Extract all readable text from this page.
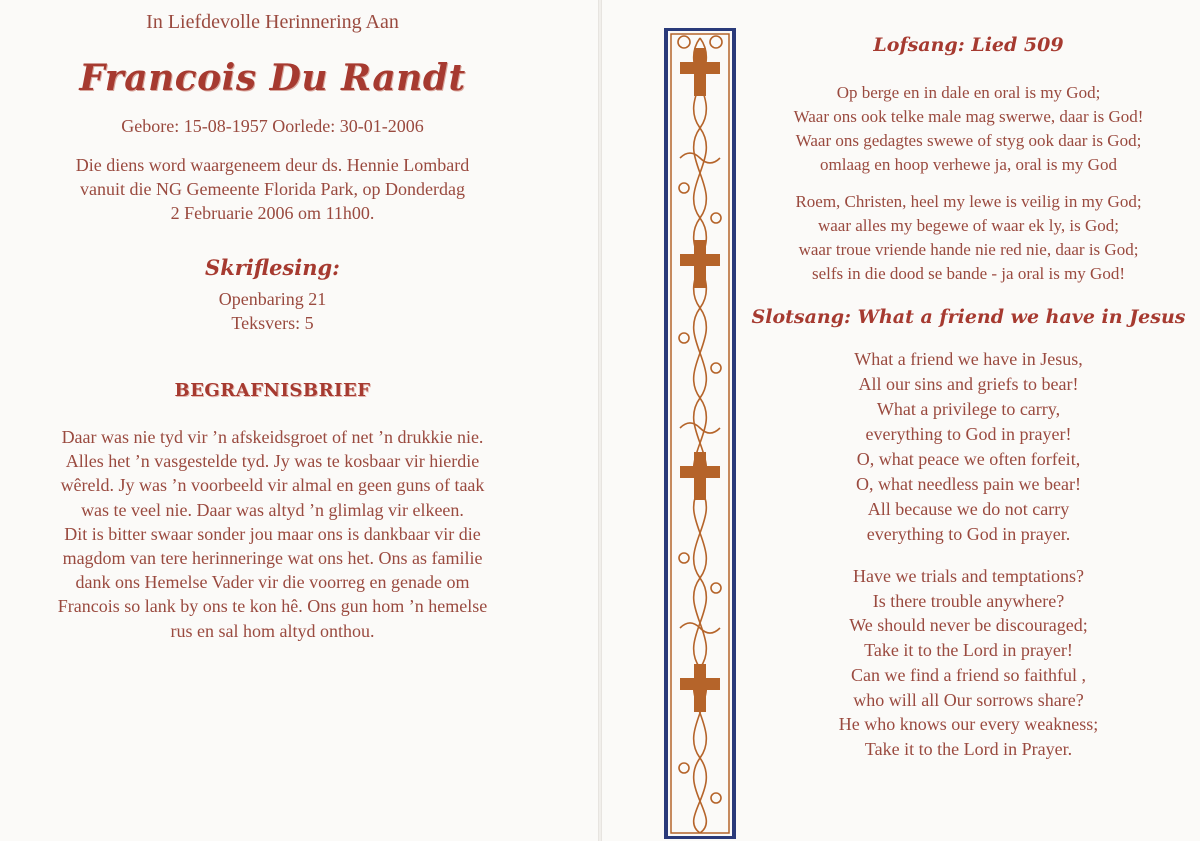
In Liefdevolle Herinnering Aan
Francois Du Randt
Gebore: 15-08-1957 Oorlede: 30-01-2006
Die diens word waargeneem deur ds. Hennie Lombard
vanuit die NG Gemeente Florida Park, op Donderdag
2 Februarie 2006 om 11h00.
Skriflesing:
Openbaring 21
Teksvers: 5
BEGRAFNISBRIEF
Daar was nie tyd vir ’n afskeidsgroet of net ’n drukkie nie.
Alles het ’n vasgestelde tyd. Jy was te kosbaar vir hierdie
wêreld. Jy was ’n voorbeeld vir almal en geen guns of taak
was te veel nie. Daar was altyd ’n glimlag vir elkeen.
Dit is bitter swaar sonder jou maar ons is dankbaar vir die
magdom van tere herinneringe wat ons het. Ons as familie
dank ons Hemelse Vader vir die voorreg en genade om
Francois so lank by ons te kon hê. Ons gun hom ’n hemelse
rus en sal hom altyd onthou.
Lofsang: Lied 509
Op berge en in dale en oral is my God;
Waar ons ook telke male mag swerwe, daar is God!
Waar ons gedagtes swewe of styg ook daar is God;
omlaag en hoop verhewe ja, oral is my God
Roem, Christen, heel my lewe is veilig in my God;
waar alles my begewe of waar ek ly, is God;
waar troue vriende hande nie red nie, daar is God;
selfs in die dood se bande - ja oral is my God!
Slotsang: What a friend we have in Jesus
What a friend we have in Jesus,
All our sins and griefs to bear!
What a privilege to carry,
everything to God in prayer!
O, what peace we often forfeit,
O, what needless pain we bear!
All because we do not carry
everything to God in prayer.
Have we trials and temptations?
Is there trouble anywhere?
We should never be discouraged;
Take it to the Lord in prayer!
Can we find a friend so faithful ,
who will all Our sorrows share?
He who knows our every weakness;
Take it to the Lord in Prayer.
